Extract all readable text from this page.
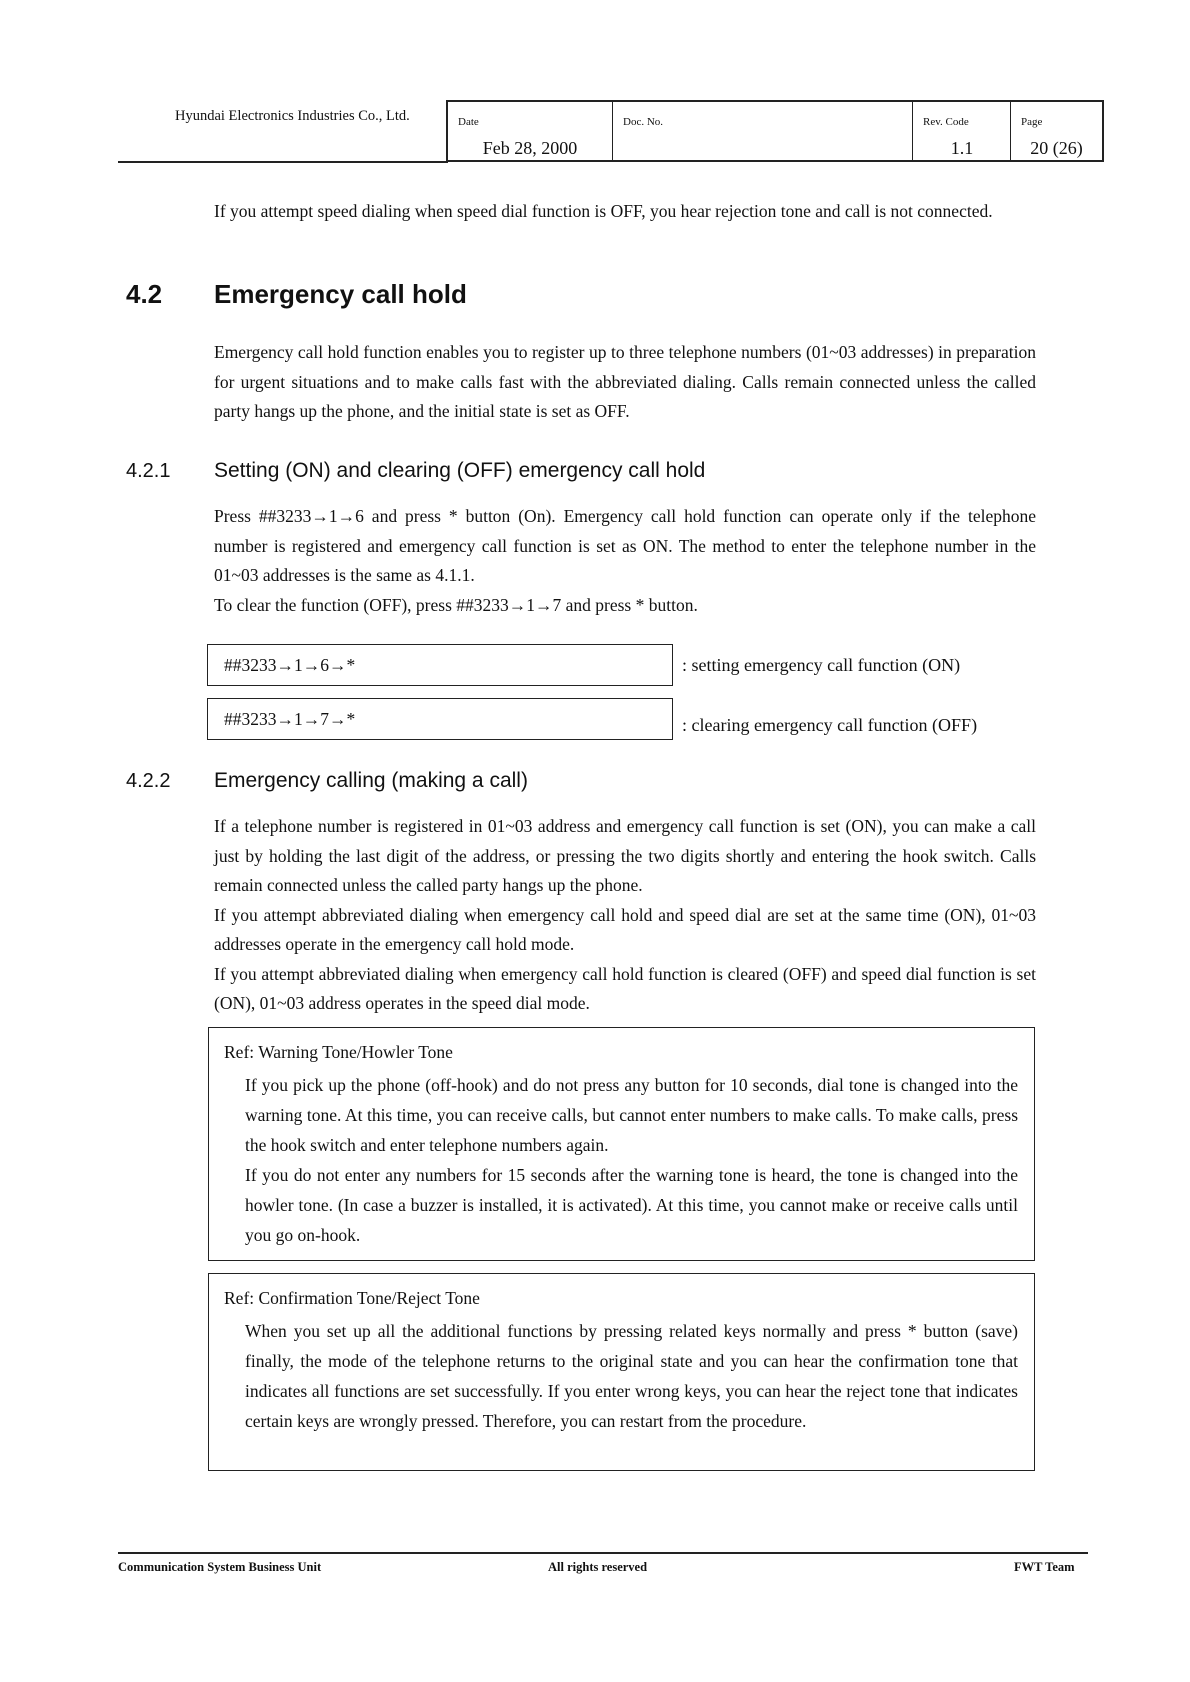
Hyundai Electronics Industries Co., Ltd.	Date
Feb 28, 2000
Doc. No.	Rev. Code
1.1
Page
20 (26)

If you attempt speed dialing when speed dial function is OFF, you hear rejection tone and call is not connected.

4.2 Emergency call hold

Emergency call hold function enables you to register up to three telephone numbers (01~03 addresses) in preparation for urgent situations and to make calls fast with the abbreviated dialing. Calls remain connected unless the called party hangs up the phone, and the initial state is set as OFF.

4.2.1 Setting (ON) and clearing (OFF) emergency call hold

Press ##3233→1→6 and press * button (On). Emergency call hold function can operate only if the telephone number is registered and emergency call function is set as ON. The method to enter the telephone number in the 01~03 addresses is the same as 4.1.1.

To clear the function (OFF), press ##3233→1→7 and press * button.

##3233→1→6→*	: setting emergency call function (ON)
##3233→1→7→*	: clearing emergency call function (OFF)
4.2.2 Emergency calling (making a call)

If a telephone number is registered in 01~03 address and emergency call function is set (ON), you can make a call just by holding the last digit of the address, or pressing the two digits shortly and entering the hook switch. Calls remain connected unless the called party hangs up the phone.

If you attempt abbreviated dialing when emergency call hold and speed dial are set at the same time (ON), 01~03 addresses operate in the emergency call hold mode.

If you attempt abbreviated dialing when emergency call hold function is cleared (OFF) and speed dial function is set (ON), 01~03 address operates in the speed dial mode.

Ref: Warning Tone/Howler Tone

If you pick up the phone (off-hook) and do not press any button for 10 seconds, dial tone is changed into the warning tone. At this time, you can receive calls, but cannot enter numbers to make calls. To make calls, press the hook switch and enter telephone numbers again.

If you do not enter any numbers for 15 seconds after the warning tone is heard, the tone is changed into the howler tone. (In case a buzzer is installed, it is activated). At this time, you cannot make or receive calls until you go on-hook.

Ref: Confirmation Tone/Reject Tone

When you set up all the additional functions by pressing related keys normally and press * button (save) finally, the mode of the telephone returns to the original state and you can hear the confirmation tone that indicates all functions are set successfully. If you enter wrong keys, you can hear the reject tone that indicates certain keys are wrongly pressed. Therefore, you can restart from the procedure.

Communication System Business Unit	All rights reserved	FWT Team
